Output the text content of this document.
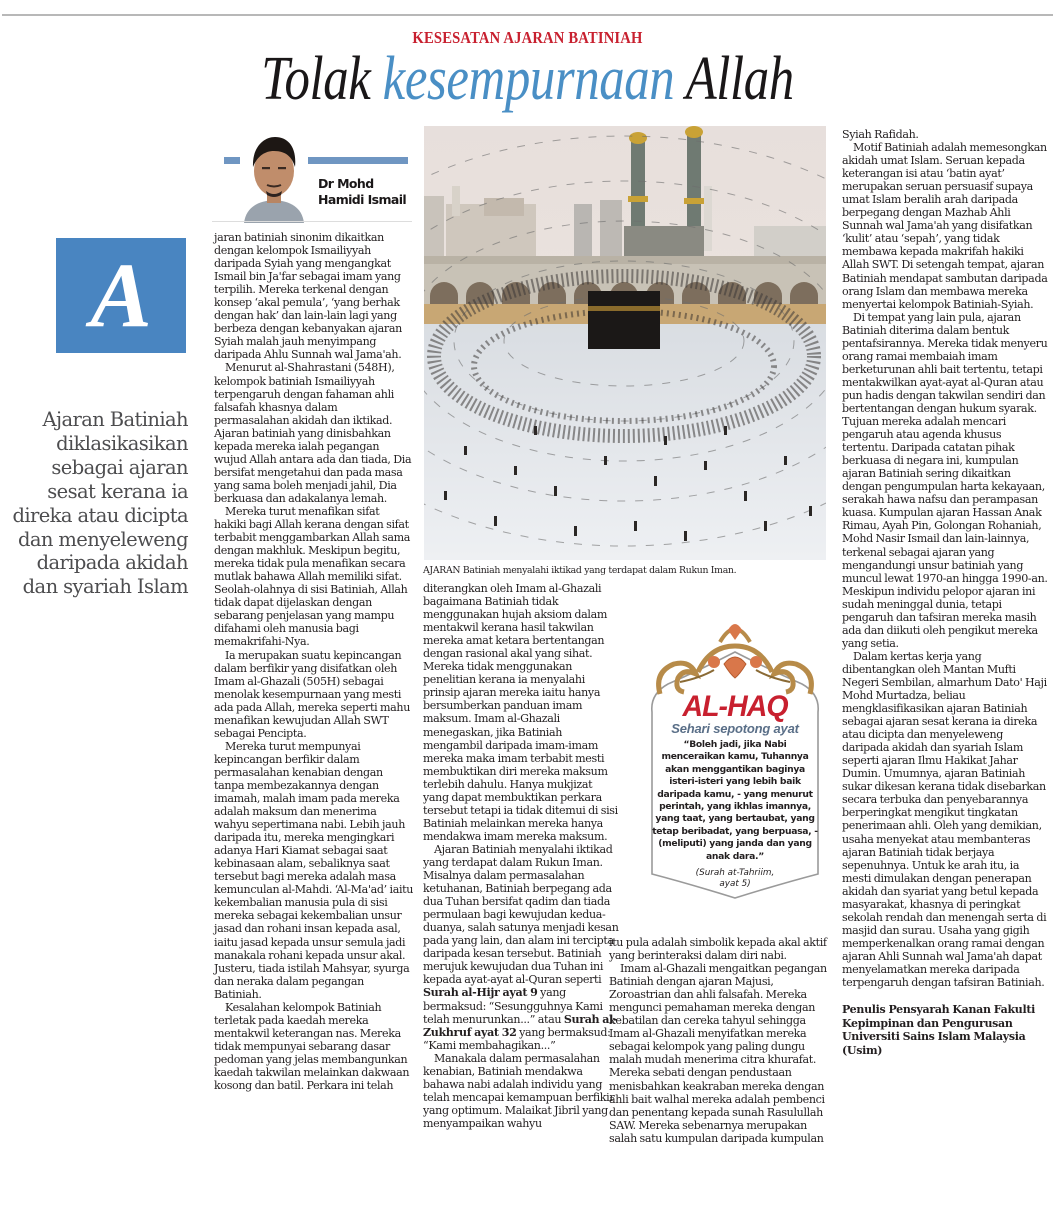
KESESATAN AJARAN BATINIAH
Tolak kesempurnaan Allah
Dr Mohd
Hamidi Ismail
A
Ajaran Batiniah diklasikasikan sebagai ajaran sesat kerana ia direka atau dicipta dan menyeleweng daripada akidah dan syariah Islam

jaran batiniah sinonim dikaitkan dengan kelompok Ismailiyyah daripada Syiah yang mengangkat Ismail bin Ja'far sebagai imam yang terpilih. Mereka terkenal dengan konsep ‘akal pemula’, ‘yang berhak dengan hak’ dan lain-lain lagi yang berbeza dengan kebanyakan ajaran Syiah malah jauh menyimpang daripada Ahlu Sunnah wal Jama'ah.

Menurut al-Shahrastani (548H), kelompok batiniah Ismailiyyah terpengaruh dengan fahaman ahli falsafah khasnya dalam permasalahan akidah dan iktikad. Ajaran batiniah yang dinisbahkan kepada mereka ialah pegangan wujud Allah antara ada dan tiada, Dia bersifat mengetahui dan pada masa yang sama boleh menjadi jahil, Dia berkuasa dan adakalanya lemah.

Mereka turut menafikan sifat hakiki bagi Allah kerana dengan sifat terbabit menggambarkan Allah sama dengan makhluk. Meskipun begitu, mereka tidak pula menafikan secara mutlak bahawa Allah memiliki sifat. Seolah-olahnya di sisi Batiniah, Allah tidak dapat dijelaskan dengan sebarang penjelasan yang mampu difahami oleh manusia bagi memakrifahi-Nya.

Ia merupakan suatu kepincangan dalam berfikir yang disifatkan oleh Imam al-Ghazali (505H) sebagai menolak kesempurnaan yang mesti ada pada Allah, mereka seperti mahu menafikan kewujudan Allah SWT sebagai Pencipta.

Mereka turut mempunyai kepincangan berfikir dalam permasalahan kenabian dengan tanpa membezakannya dengan imamah, malah imam pada mereka adalah maksum dan menerima wahyu sepertimana nabi. Lebih jauh daripada itu, mereka mengingkari adanya Hari Kiamat sebagai saat kebinasaan alam, sebaliknya saat tersebut bagi mereka adalah masa kemunculan al-Mahdi. ‘Al-Ma'ad’ iaitu kekembalian manusia pula di sisi mereka sebagai kekembalian unsur jasad dan rohani insan kepada asal, iaitu jasad kepada unsur semula jadi manakala rohani kepada unsur akal. Justeru, tiada istilah Mahsyar, syurga dan neraka dalam pegangan Batiniah.

Kesalahan kelompok Batiniah terletak pada kaedah mereka mentakwil keterangan nas. Mereka tidak mempunyai sebarang dasar pedoman yang jelas membangunkan kaedah takwilan melainkan dakwaan kosong dan batil. Perkara ini telah

AJARAN Batiniah menyalahi iktikad yang terdapat dalam Rukun Iman.

diterangkan oleh Imam al-Ghazali bagaimana Batiniah tidak menggunakan hujah aksiom dalam mentakwil kerana hasil takwilan mereka amat ketara bertentangan dengan rasional akal yang sihat. Mereka tidak menggunakan penelitian kerana ia menyalahi prinsip ajaran mereka iaitu hanya bersumberkan panduan imam maksum. Imam al-Ghazali menegaskan, jika Batiniah mengambil daripada imam-imam mereka maka imam terbabit mesti membuktikan diri mereka maksum terlebih dahulu. Hanya mukjizat yang dapat membuktikan perkara tersebut tetapi ia tidak ditemui di sisi Batiniah melainkan mereka hanya mendakwa imam mereka maksum.

Ajaran Batiniah menyalahi iktikad yang terdapat dalam Rukun Iman. Misalnya dalam permasalahan ketuhanan, Batiniah berpegang ada dua Tuhan bersifat qadim dan tiada permulaan bagi kewujudan kedua-duanya, salah satunya menjadi kesan pada yang lain, dan alam ini tercipta daripada kesan tersebut. Batiniah merujuk kewujudan dua Tuhan ini kepada ayat-ayat al-Quran seperti Surah al-Hijr ayat 9 yang bermaksud: “Sesungguhnya Kami telah menurunkan...” atau Surah al-Zukhruf ayat 32 yang bermaksud: “Kami membahagikan...”

Manakala dalam permasalahan kenabian, Batiniah mendakwa bahawa nabi adalah individu yang telah mencapai kemampuan berfikir yang optimum. Malaikat Jibril yang menyampaikan wahyu

AL-HAQ
Sehari sepotong ayat
“Boleh jadi, jika Nabi menceraikan kamu, Tuhannya akan menggantikan baginya isteri-isteri yang lebih baik daripada kamu, - yang menurut perintah, yang ikhlas imannya, yang taat, yang bertaubat, yang tetap beribadat, yang berpuasa, - (meliputi) yang janda dan yang anak dara.”
(Surah at-Tahriim,
ayat 5)

itu pula adalah simbolik kepada akal aktif yang berinteraksi dalam diri nabi.

Imam al-Ghazali mengaitkan pegangan Batiniah dengan ajaran Majusi, Zoroastrian dan ahli falsafah. Mereka mengunci pemahaman mereka dengan kebatilan dan cereka tahyul sehingga Imam al-Ghazali menyifatkan mereka sebagai kelompok yang paling dungu malah mudah menerima citra khurafat. Mereka sebati dengan pendustaan menisbahkan keakraban mereka dengan ahli bait walhal mereka adalah pembenci dan penentang kepada sunah Rasulullah SAW. Mereka sebenarnya merupakan salah satu kumpulan daripada kumpulan

Syiah Rafidah.

Motif Batiniah adalah memesongkan akidah umat Islam. Seruan kepada keterangan isi atau ‘batin ayat’ merupakan seruan persuasif supaya umat Islam beralih arah daripada berpegang dengan Mazhab Ahli Sunnah wal Jama'ah yang disifatkan ‘kulit’ atau ‘sepah’, yang tidak membawa kepada makrifah hakiki Allah SWT. Di setengah tempat, ajaran Batiniah mendapat sambutan daripada orang Islam dan membawa mereka menyertai kelompok Batiniah-Syiah.

Di tempat yang lain pula, ajaran Batiniah diterima dalam bentuk pentafsirannya. Mereka tidak menyeru orang ramai membaiah imam berketurunan ahli bait tertentu, tetapi mentakwilkan ayat-ayat al-Quran atau pun hadis dengan takwilan sendiri dan bertentangan dengan hukum syarak. Tujuan mereka adalah mencari pengaruh atau agenda khusus tertentu. Daripada catatan pihak berkuasa di negara ini, kumpulan ajaran Batiniah sering dikaitkan dengan pengumpulan harta kekayaan, serakah hawa nafsu dan perampasan kuasa. Kumpulan ajaran Hassan Anak Rimau, Ayah Pin, Golongan Rohaniah, Mohd Nasir Ismail dan lain-lainnya, terkenal sebagai ajaran yang mengandungi unsur batiniah yang muncul lewat 1970-an hingga 1990-an. Meskipun individu pelopor ajaran ini sudah meninggal dunia, tetapi pengaruh dan tafsiran mereka masih ada dan diikuti oleh pengikut mereka yang setia.

Dalam kertas kerja yang dibentangkan oleh Mantan Mufti Negeri Sembilan, almarhum Dato' Haji Mohd Murtadza, beliau mengklasifikasikan ajaran Batiniah sebagai ajaran sesat kerana ia direka atau dicipta dan menyeleweng daripada akidah dan syariah Islam seperti ajaran Ilmu Hakikat Jahar Dumin. Umumnya, ajaran Batiniah sukar dikesan kerana tidak disebarkan secara terbuka dan penyebarannya berperingkat mengikut tingkatan penerimaan ahli. Oleh yang demikian, usaha menyekat atau membanteras ajaran Batiniah tidak berjaya sepenuhnya. Untuk ke arah itu, ia mesti dimulakan dengan penerapan akidah dan syariat yang betul kepada masyarakat, khasnya di peringkat sekolah rendah dan menengah serta di masjid dan surau. Usaha yang gigih memperkenalkan orang ramai dengan ajaran Ahli Sunnah wal Jama'ah dapat menyelamatkan mereka daripada terpengaruh dengan tafsiran Batiniah.

Penulis Pensyarah Kanan Fakulti Kepimpinan dan Pengurusan Universiti Sains Islam Malaysia (Usim)
